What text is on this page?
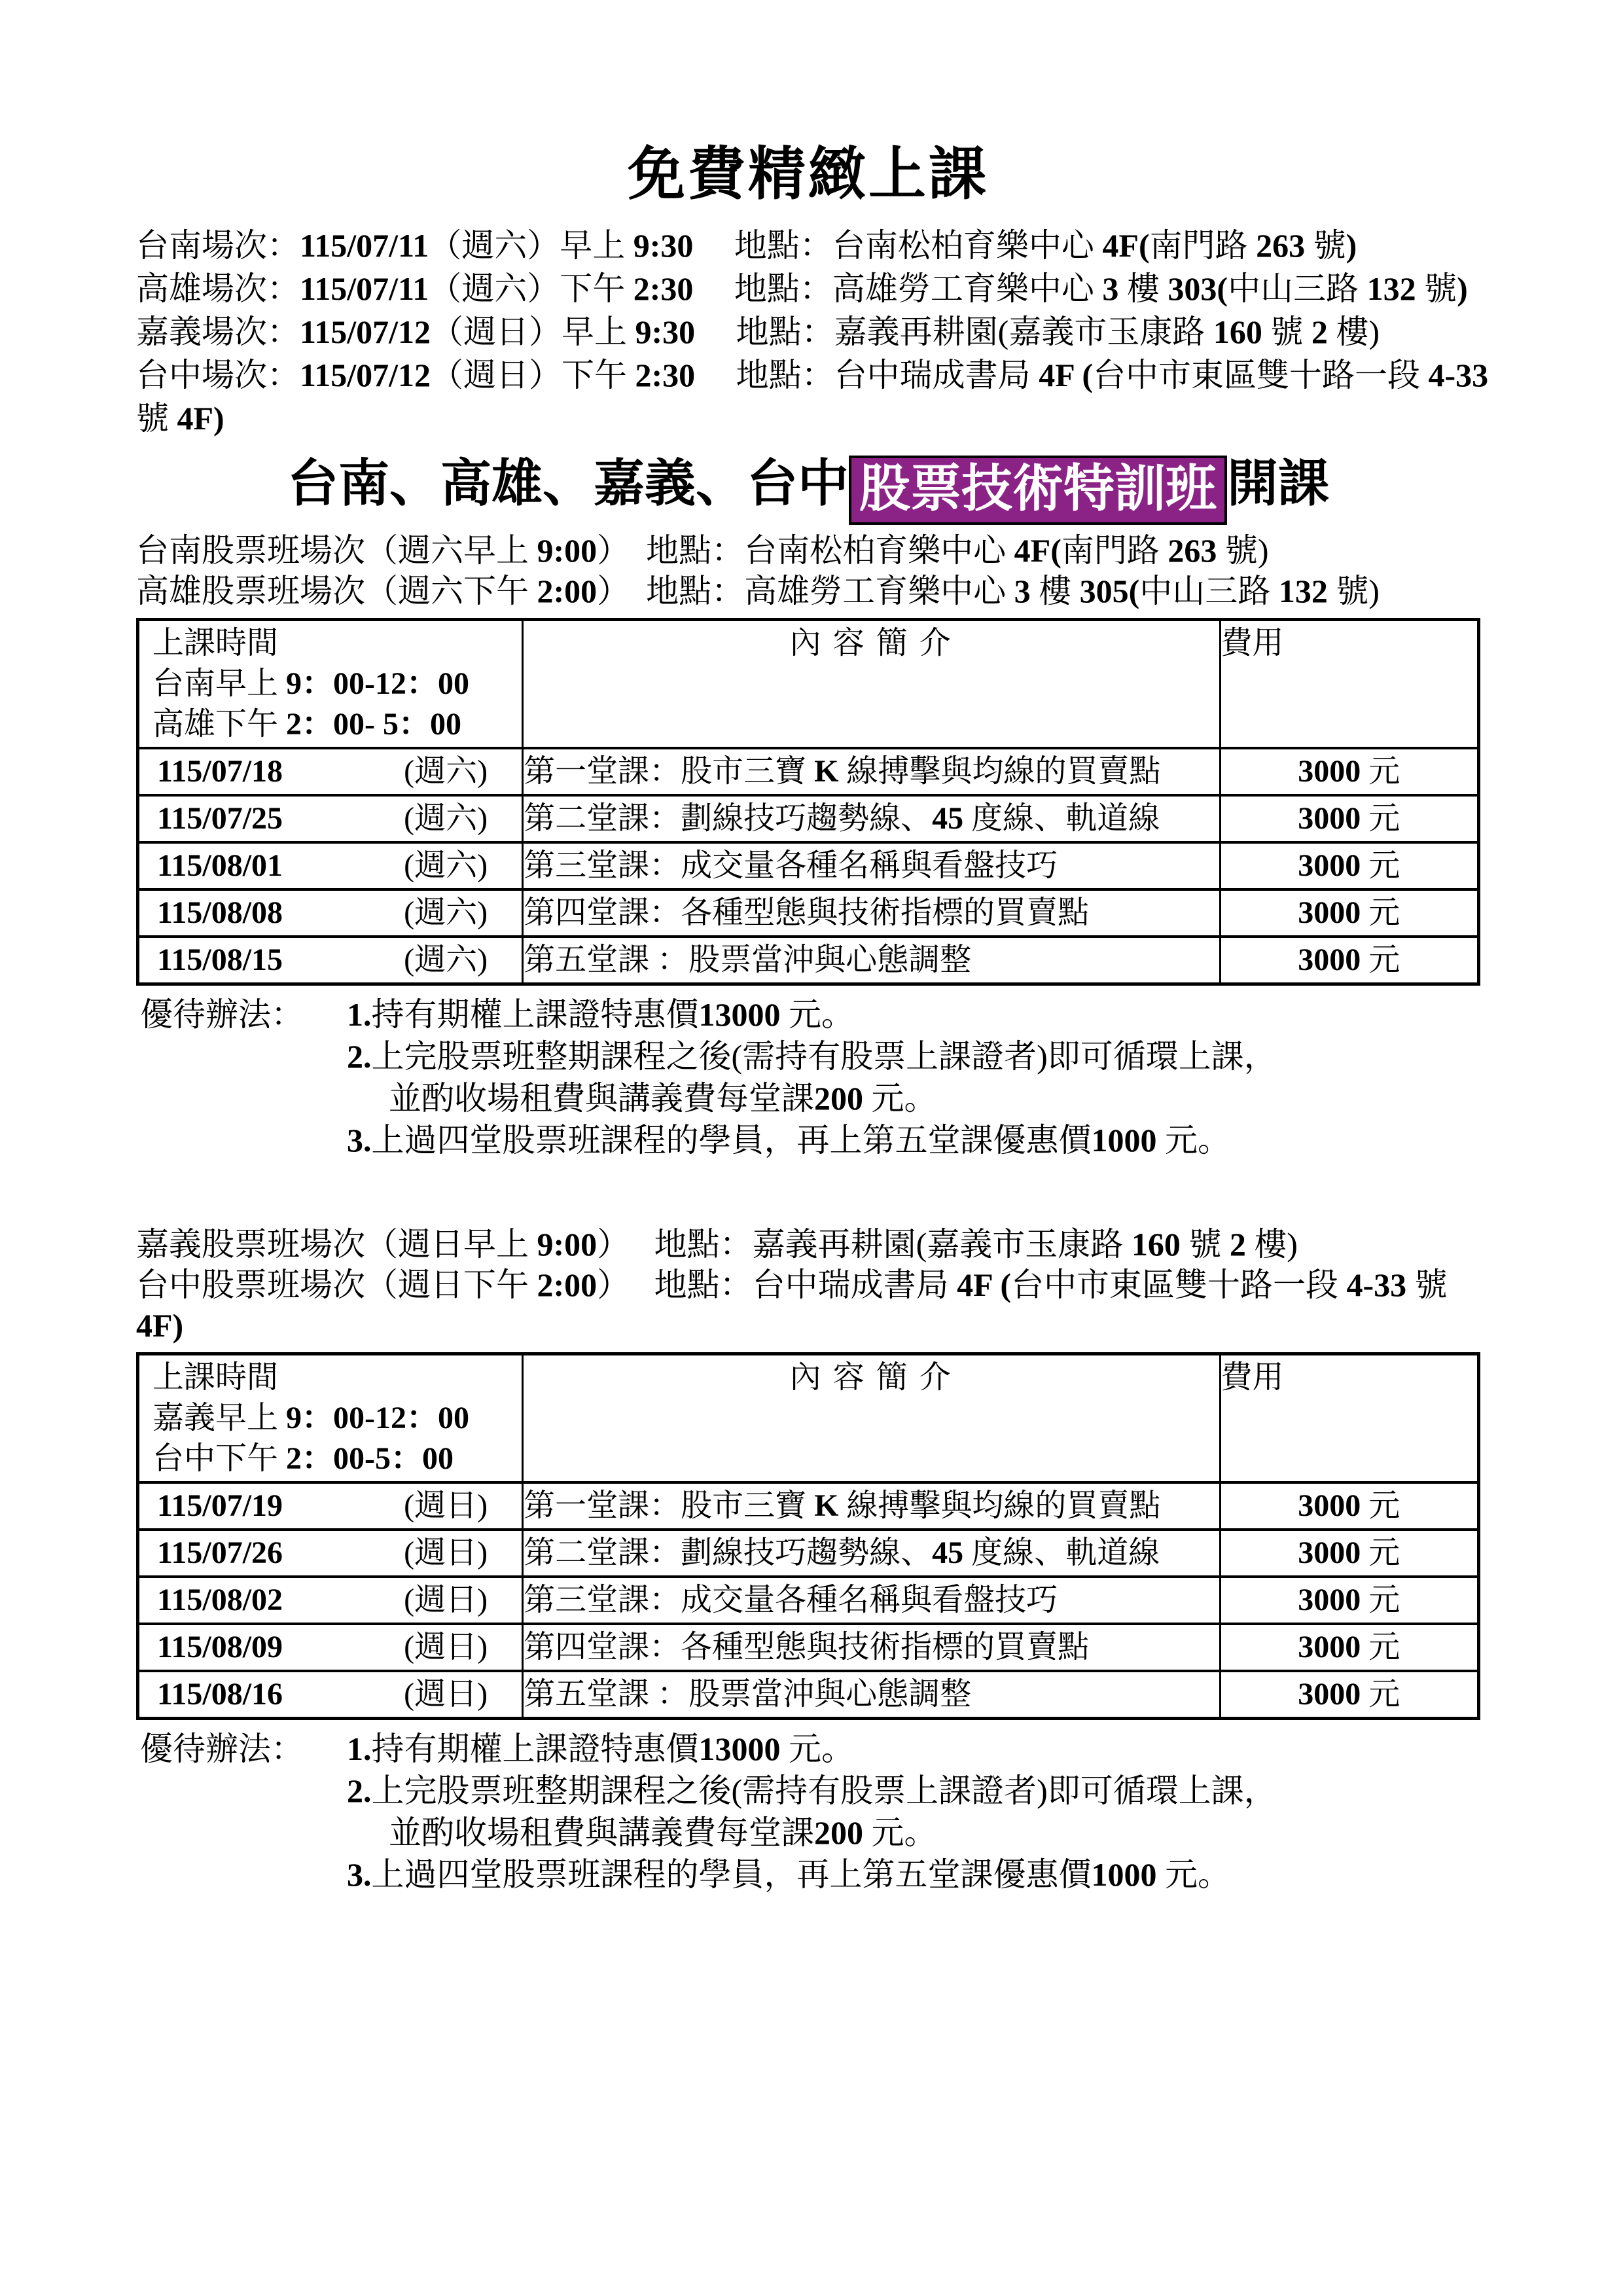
免費精緻上課

台南場次：115/07/11（週六）早上 9:30　 地點：台南松柏育樂中心 4F(南門路 263 號)

高雄場次：115/07/11（週六）下午 2:30　 地點：高雄勞工育樂中心 3 樓 303(中山三路 132 號)

嘉義場次：115/07/12（週日）早上 9:30　 地點：嘉義再耕園(嘉義市玉康路 160 號 2 樓)

台中場次：115/07/12（週日）下午 2:30　 地點：台中瑞成書局 4F (台中市東區雙十路一段 4-33

號 4F)

台南、高雄、嘉義、台中 股票技術特訓班 開課

台南股票班場次（週六早上 9:00）　地點：台南松柏育樂中心 4F(南門路 263 號)

高雄股票班場次（週六下午 2:00）　地點：高雄勞工育樂中心 3 樓 305(中山三路 132 號)

上課時間

台南早上 9：00-12：00

高雄下午 2：00- 5：00	內 容 簡 介	費用
115/07/18 (週六)	第一堂課：股市三寶 K 線搏擊與均線的買賣點	3000 元
115/07/25 (週六)	第二堂課：劃線技巧趨勢線、45 度線、軌道線	3000 元
115/08/01 (週六)	第三堂課：成交量各種名稱與看盤技巧	3000 元
115/08/08 (週六)	第四堂課：各種型態與技術指標的買賣點	3000 元
115/08/15 (週六)	第五堂課 ：股票當沖與心態調整	3000 元

優待辦法：	1.持有期權上課證特惠價13000 元。

2.上完股票班整期課程之後(需持有股票上課證者)即可循環上課，

並酌收場租費與講義費每堂課200 元。

3.上過四堂股票班課程的學員，再上第五堂課優惠價1000 元。

嘉義股票班場次（週日早上 9:00）　 地點：嘉義再耕園(嘉義市玉康路 160 號 2 樓)

台中股票班場次（週日下午 2:00）　 地點：台中瑞成書局 4F (台中市東區雙十路一段 4-33 號

4F)

上課時間

嘉義早上 9：00-12：00

台中下午 2：00-5：00	內 容 簡 介	費用
115/07/19 (週日)	第一堂課：股市三寶 K 線搏擊與均線的買賣點	3000 元
115/07/26 (週日)	第二堂課：劃線技巧趨勢線、45 度線、軌道線	3000 元
115/08/02 (週日)	第三堂課：成交量各種名稱與看盤技巧	3000 元
115/08/09 (週日)	第四堂課：各種型態與技術指標的買賣點	3000 元
115/08/16 (週日)	第五堂課 ：股票當沖與心態調整	3000 元

優待辦法：	1.持有期權上課證特惠價13000 元。

2.上完股票班整期課程之後(需持有股票上課證者)即可循環上課，

並酌收場租費與講義費每堂課200 元。

3.上過四堂股票班課程的學員，再上第五堂課優惠價1000 元。
